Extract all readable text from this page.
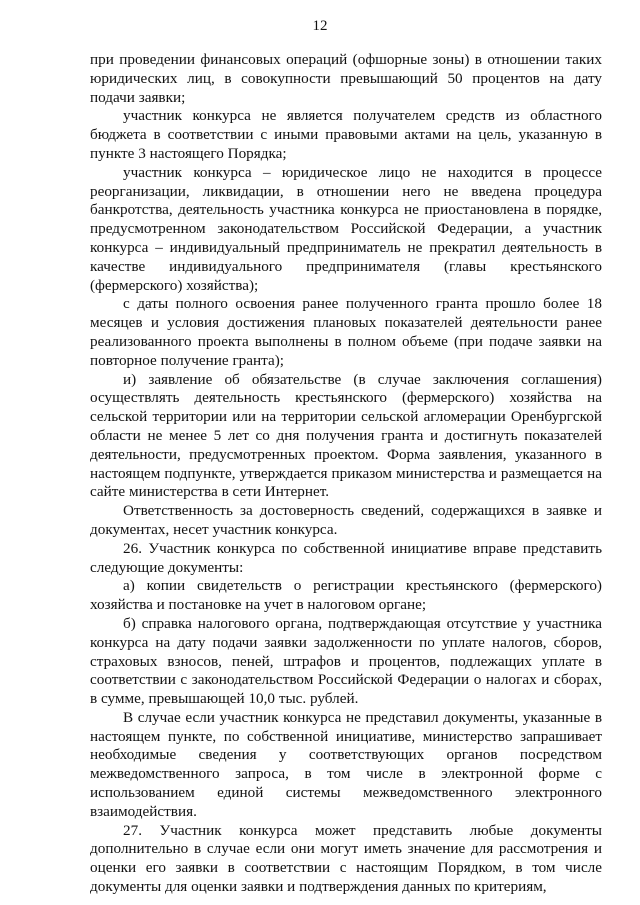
12

при проведении финансовых операций (офшорные зоны) в отношении таких юридических лиц, в совокупности превышающий 50 процентов на дату подачи заявки;

участник конкурса не является получателем средств из областного бюджета в соответствии с иными правовыми актами на цель, указанную в пункте 3 настоящего Порядка;

участник конкурса – юридическое лицо не находится в процессе реорганизации, ликвидации, в отношении него не введена процедура банкротства, деятельность участника конкурса не приостановлена в порядке, предусмотренном законодательством Российской Федерации, а участник конкурса – индивидуальный предприниматель не прекратил деятельность в качестве индивидуального предпринимателя (главы крестьянского (фермерского) хозяйства);

с даты полного освоения ранее полученного гранта прошло более 18 месяцев и условия достижения плановых показателей деятельности ранее реализованного проекта выполнены в полном объеме (при подаче заявки на повторное получение гранта);

и) заявление об обязательстве (в случае заключения соглашения) осуществлять деятельность крестьянского (фермерского) хозяйства на сельской территории или на территории сельской агломерации Оренбургской области не менее 5 лет со дня получения гранта и достигнуть показателей деятельности, предусмотренных проектом. Форма заявления, указанного в настоящем подпункте, утверждается приказом министерства и размещается на сайте министерства в сети Интернет.

Ответственность за достоверность сведений, содержащихся в заявке и документах, несет участник конкурса.

26. Участник конкурса по собственной инициативе вправе представить следующие документы:

а) копии свидетельств о регистрации крестьянского (фермерского) хозяйства и постановке на учет в налоговом органе;

б) справка налогового органа, подтверждающая отсутствие у участника конкурса на дату подачи заявки задолженности по уплате налогов, сборов, страховых взносов, пеней, штрафов и процентов, подлежащих уплате в соответствии с законодательством Российской Федерации о налогах и сборах, в сумме, превышающей 10,0 тыс. рублей.

В случае если участник конкурса не представил документы, указанные в настоящем пункте, по собственной инициативе, министерство запрашивает необходимые сведения у соответствующих органов посредством межведомственного запроса, в том числе в электронной форме с использованием единой системы межведомственного электронного взаимодействия.

27. Участник конкурса может представить любые документы дополнительно в случае если они могут иметь значение для рассмотрения и оценки его заявки в соответствии с настоящим Порядком, в том числе документы для оценки заявки и подтверждения данных по критериям,
